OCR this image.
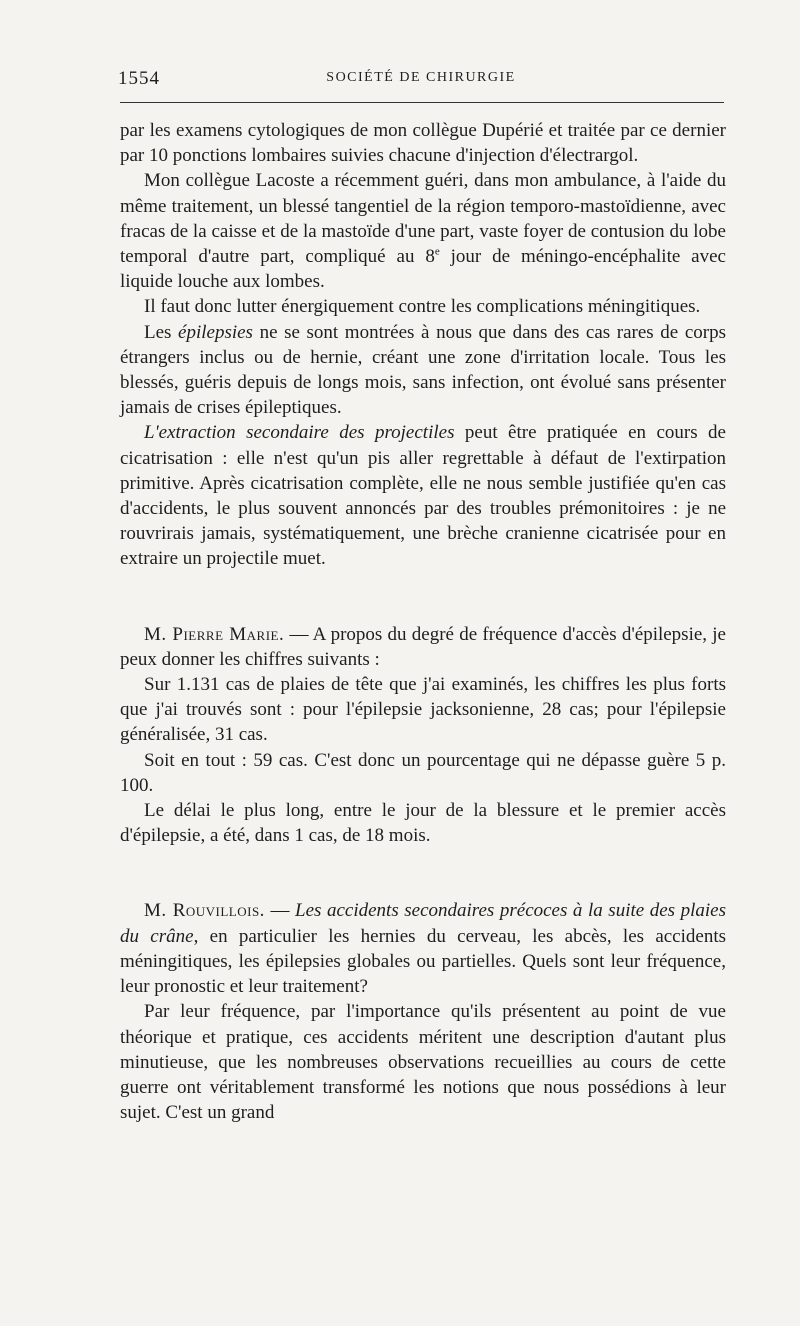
1554	SOCIÉTÉ DE CHIRURGIE

par les examens cytologiques de mon collègue Dupérié et traitée par ce dernier par 10 ponctions lombaires suivies chacune d'injection d'électrargol.

Mon collègue Lacoste a récemment guéri, dans mon ambulance, à l'aide du même traitement, un blessé tangentiel de la région temporo-mastoïdienne, avec fracas de la caisse et de la mastoïde d'une part, vaste foyer de contusion du lobe temporal d'autre part, compliqué au 8e jour de méningo-encéphalite avec liquide louche aux lombes.

Il faut donc lutter énergiquement contre les complications méningitiques.

Les épilepsies ne se sont montrées à nous que dans des cas rares de corps étrangers inclus ou de hernie, créant une zone d'irritation locale. Tous les blessés, guéris depuis de longs mois, sans infection, ont évolué sans présenter jamais de crises épileptiques.

L'extraction secondaire des projectiles peut être pratiquée en cours de cicatrisation : elle n'est qu'un pis aller regrettable à défaut de l'extirpation primitive. Après cicatrisation complète, elle ne nous semble justifiée qu'en cas d'accidents, le plus souvent annoncés par des troubles prémonitoires : je ne rouvrirais jamais, systématiquement, une brèche cranienne cicatrisée pour en extraire un projectile muet.

M. Pierre Marie. — A propos du degré de fréquence d'accès d'épilepsie, je peux donner les chiffres suivants :

Sur 1.131 cas de plaies de tête que j'ai examinés, les chiffres les plus forts que j'ai trouvés sont : pour l'épilepsie jacksonienne, 28 cas; pour l'épilepsie généralisée, 31 cas.

Soit en tout : 59 cas. C'est donc un pourcentage qui ne dépasse guère 5 p. 100.

Le délai le plus long, entre le jour de la blessure et le premier accès d'épilepsie, a été, dans 1 cas, de 18 mois.

M. Rouvillois. — Les accidents secondaires précoces à la suite des plaies du crâne, en particulier les hernies du cerveau, les abcès, les accidents méningitiques, les épilepsies globales ou partielles. Quels sont leur fréquence, leur pronostic et leur traitement?

Par leur fréquence, par l'importance qu'ils présentent au point de vue théorique et pratique, ces accidents méritent une description d'autant plus minutieuse, que les nombreuses observations recueillies au cours de cette guerre ont véritablement transformé les notions que nous possédions à leur sujet. C'est un grand
